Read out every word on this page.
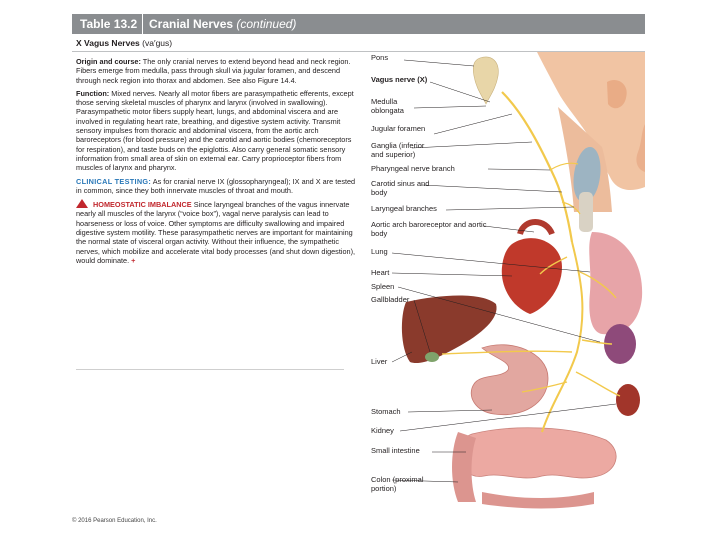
Table 13.2 Cranial Nerves (continued)
X Vagus Nerves (va′gus)

Origin and course: The only cranial nerves to extend beyond head and neck region. Fibers emerge from medulla, pass through skull via jugular foramen, and descend through neck region into thorax and abdomen. See also Figure 14.4.

Function: Mixed nerves. Nearly all motor fibers are parasympathetic efferents, except those serving skeletal muscles of pharynx and larynx (involved in swallowing). Parasympathetic motor fibers supply heart, lungs, and abdominal viscera and are involved in regulating heart rate, breathing, and digestive system activity. Transmit sensory impulses from thoracic and abdominal viscera, from the aortic arch baroreceptors (for blood pressure) and the carotid and aortic bodies (chemoreceptors for respiration), and taste buds on the epiglottis. Also carry general somatic sensory information from small area of skin on external ear. Carry proprioceptor fibers from muscles of larynx and pharynx.

CLINICAL TESTING: As for cranial nerve IX (glossopharyngeal); IX and X are tested in common, since they both innervate muscles of throat and mouth.

HOMEOSTATIC IMBALANCE Since laryngeal branches of the vagus innervate nearly all muscles of the larynx (“voice box”), vagal nerve paralysis can lead to hoarseness or loss of voice. Other symptoms are difficulty swallowing and impaired digestive system motility. These parasympathetic nerves are important for maintaining the normal state of visceral organ activity. Without their influence, the sympathetic nerves, which mobilize and accelerate vital body processes (and shut down digestion), would dominate. +

Pons
Vagus nerve (X)
Medulla oblongata
Jugular foramen
Ganglia (inferior and superior)
Pharyngeal nerve branch
Carotid sinus and body
Laryngeal branches
Aortic arch baroreceptor and aortic body
Lung
Heart
Spleen
Gallbladder
Liver
Stomach
Kidney
Small intestine
Colon (proximal portion)
© 2016 Pearson Education, Inc.
